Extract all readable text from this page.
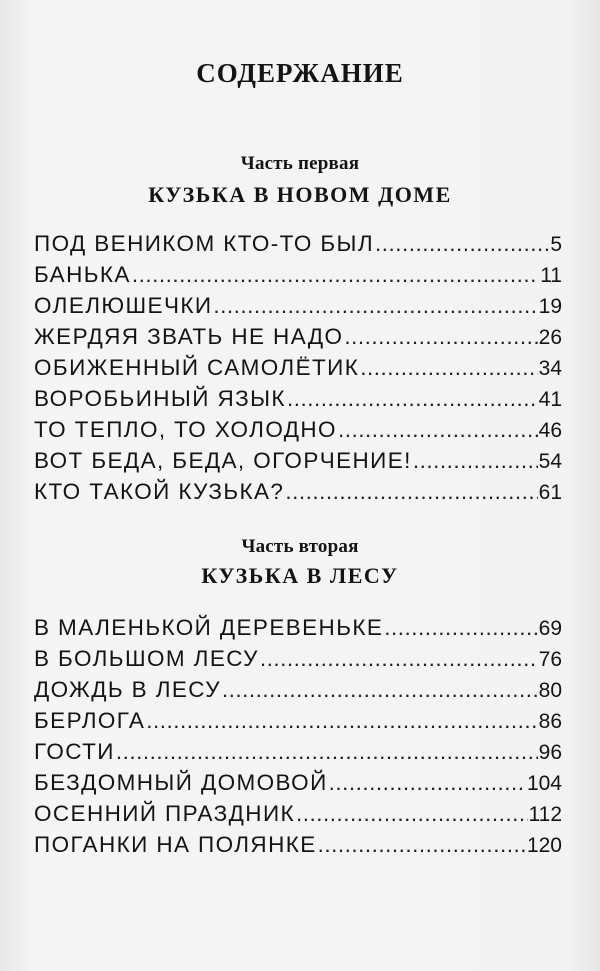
СОДЕРЖАНИЕ
Часть первая
КУЗЬКА В НОВОМ ДОМЕ
ПОД ВЕНИКОМ КТО-ТО БЫЛ .....	5
БАНЬКА .....	11
ОЛЕЛЮШЕЧКИ .....	19
ЖЕРДЯЯ ЗВАТЬ НЕ НАДО .....	26
ОБИЖЕННЫЙ САМОЛЁТИК .....	34
ВОРОБЬИНЫЙ ЯЗЫК .....	41
ТО ТЕПЛО, ТО ХОЛОДНО .....	46
ВОТ БЕДА, БЕДА, ОГОРЧЕНИЕ! .....	54
КТО ТАКОЙ КУЗЬКА? .....	61
Часть вторая
КУЗЬКА В ЛЕСУ
В МАЛЕНЬКОЙ ДЕРЕВЕНЬКЕ .....	69
В БОЛЬШОМ ЛЕСУ .....	76
ДОЖДЬ В ЛЕСУ .....	80
БЕРЛОГА .....	86
ГОСТИ .....	96
БЕЗДОМНЫЙ ДОМОВОЙ .....	104
ОСЕННИЙ ПРАЗДНИК .....	112
ПОГАНКИ НА ПОЛЯНКЕ .....	120
